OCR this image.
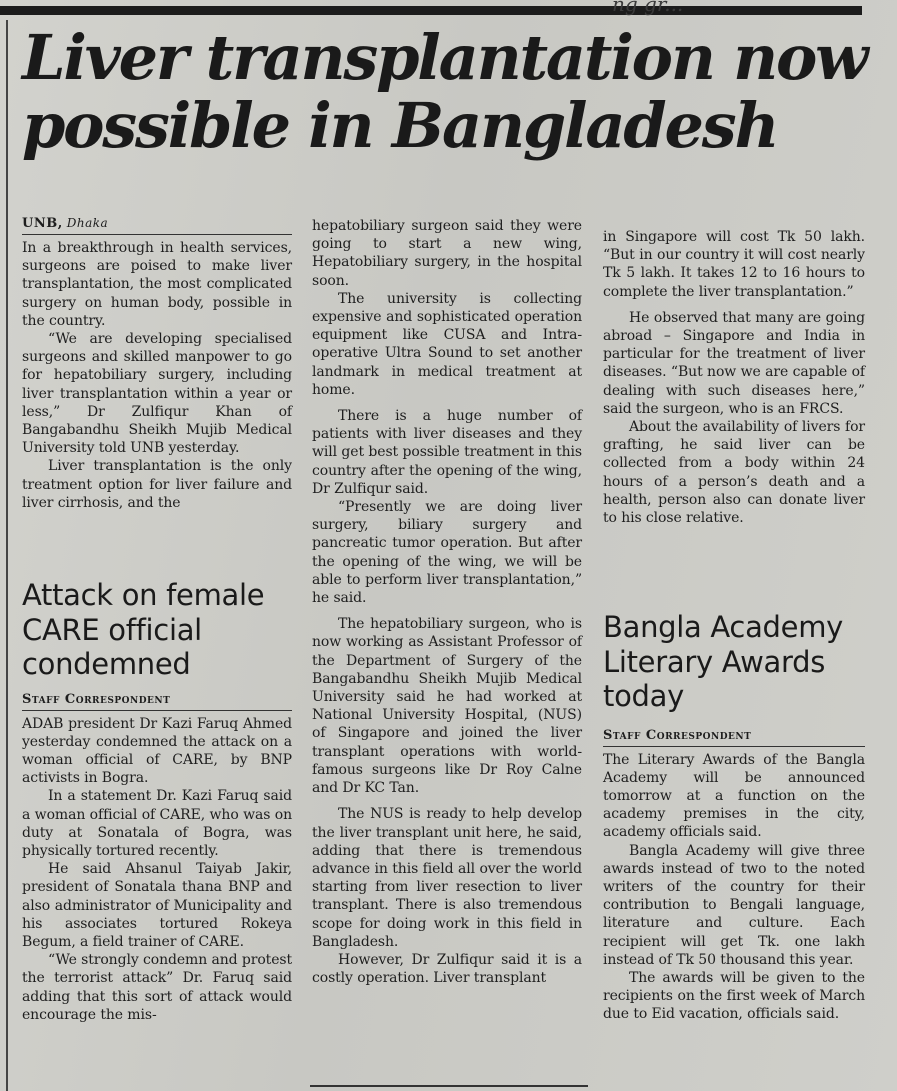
ng gr...
Liver transplantation now possible in Bangladesh
UNB, Dhaka

In a breakthrough in health services, surgeons are poised to make liver transplantation, the most complicated surgery on human body, possible in the country.

“We are developing specialised surgeons and skilled manpower to go for hepatobiliary surgery, including liver transplantation within a year or less,” Dr Zulfiqur Khan of Bangabandhu Sheikh Mujib Medical University told UNB yesterday.

Liver transplantation is the only treatment option for liver failure and liver cirrhosis, and the

Attack on female CARE official condemned
Staff Correspondent

ADAB president Dr Kazi Faruq Ahmed yesterday condemned the attack on a woman official of CARE, by BNP activists in Bogra.

In a statement Dr. Kazi Faruq said a woman official of CARE, who was on duty at Sonatala of Bogra, was physically tortured recently.

He said Ahsanul Taiyab Jakir, president of Sonatala thana BNP and also administrator of Municipality and his associates tortured Rokeya Begum, a field trainer of CARE.

“We strongly condemn and protest the terrorist attack” Dr. Faruq said adding that this sort of attack would encourage the mis-

hepatobiliary surgeon said they were going to start a new wing, Hepatobiliary surgery, in the hospital soon.

The university is collecting expensive and sophisticated operation equipment like CUSA and Intra-operative Ultra Sound to set another landmark in medical treatment at home.

There is a huge number of patients with liver diseases and they will get best possible treatment in this country after the opening of the wing, Dr Zulfiqur said.

“Presently we are doing liver surgery, biliary surgery and pancreatic tumor operation. But after the opening of the wing, we will be able to perform liver transplantation,” he said.

The hepatobiliary surgeon, who is now working as Assistant Professor of the Department of Surgery of the Bangabandhu Sheikh Mujib Medical University said he had worked at National University Hospital, (NUS) of Singapore and joined the liver transplant operations with world-famous surgeons like Dr Roy Calne and Dr KC Tan.

The NUS is ready to help develop the liver transplant unit here, he said, adding that there is tremendous advance in this field all over the world starting from liver resection to liver transplant. There is also tremendous scope for doing work in this field in Bangladesh.

However, Dr Zulfiqur said it is a costly operation. Liver transplant

in Singapore will cost Tk 50 lakh. “But in our country it will cost nearly Tk 5 lakh. It takes 12 to 16 hours to complete the liver transplantation.”

He observed that many are going abroad – Singapore and India in particular for the treatment of liver diseases. “But now we are capable of dealing with such diseases here,” said the surgeon, who is an FRCS.

About the availability of livers for grafting, he said liver can be collected from a body within 24 hours of a person’s death and a health, person also can donate liver to his close relative.

Bangla Academy Literary Awards today
Staff Correspondent

The Literary Awards of the Bangla Academy will be announced tomorrow at a function on the academy premises in the city, academy officials said.

Bangla Academy will give three awards instead of two to the noted writers of the country for their contribution to Bengali language, literature and culture. Each recipient will get Tk. one lakh instead of Tk 50 thousand this year.

The awards will be given to the recipients on the first week of March due to Eid vacation, officials said.
